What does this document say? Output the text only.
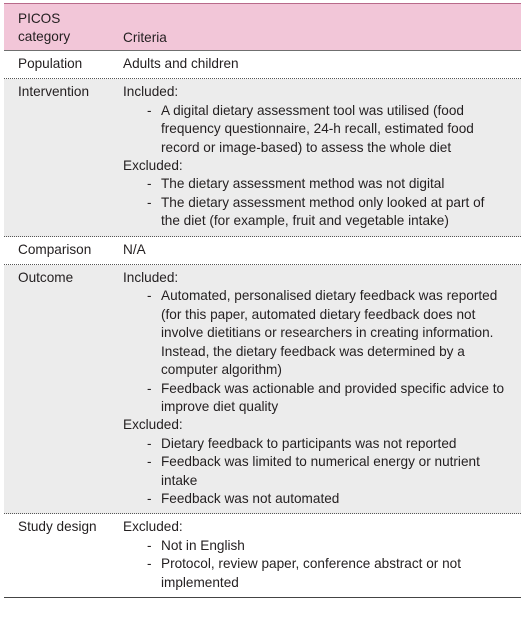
PICOS category	Criteria
Population	Adults and children
Intervention	Included:
- A digital dietary assessment tool was utilised (food frequency questionnaire, 24-h recall, estimated food record or image-based) to assess the whole diet
Excluded:
- The dietary assessment method was not digital
- The dietary assessment method only looked at part of the diet (for example, fruit and vegetable intake)
Comparison	N/A
Outcome	Included:
- Automated, personalised dietary feedback was reported (for this paper, automated dietary feedback does not involve dietitians or researchers in creating information. Instead, the dietary feedback was determined by a computer algorithm)
- Feedback was actionable and provided specific advice to improve diet quality
Excluded:
- Dietary feedback to participants was not reported
- Feedback was limited to numerical energy or nutrient intake
- Feedback was not automated
Study design	Excluded:
- Not in English
- Protocol, review paper, conference abstract or not implemented
